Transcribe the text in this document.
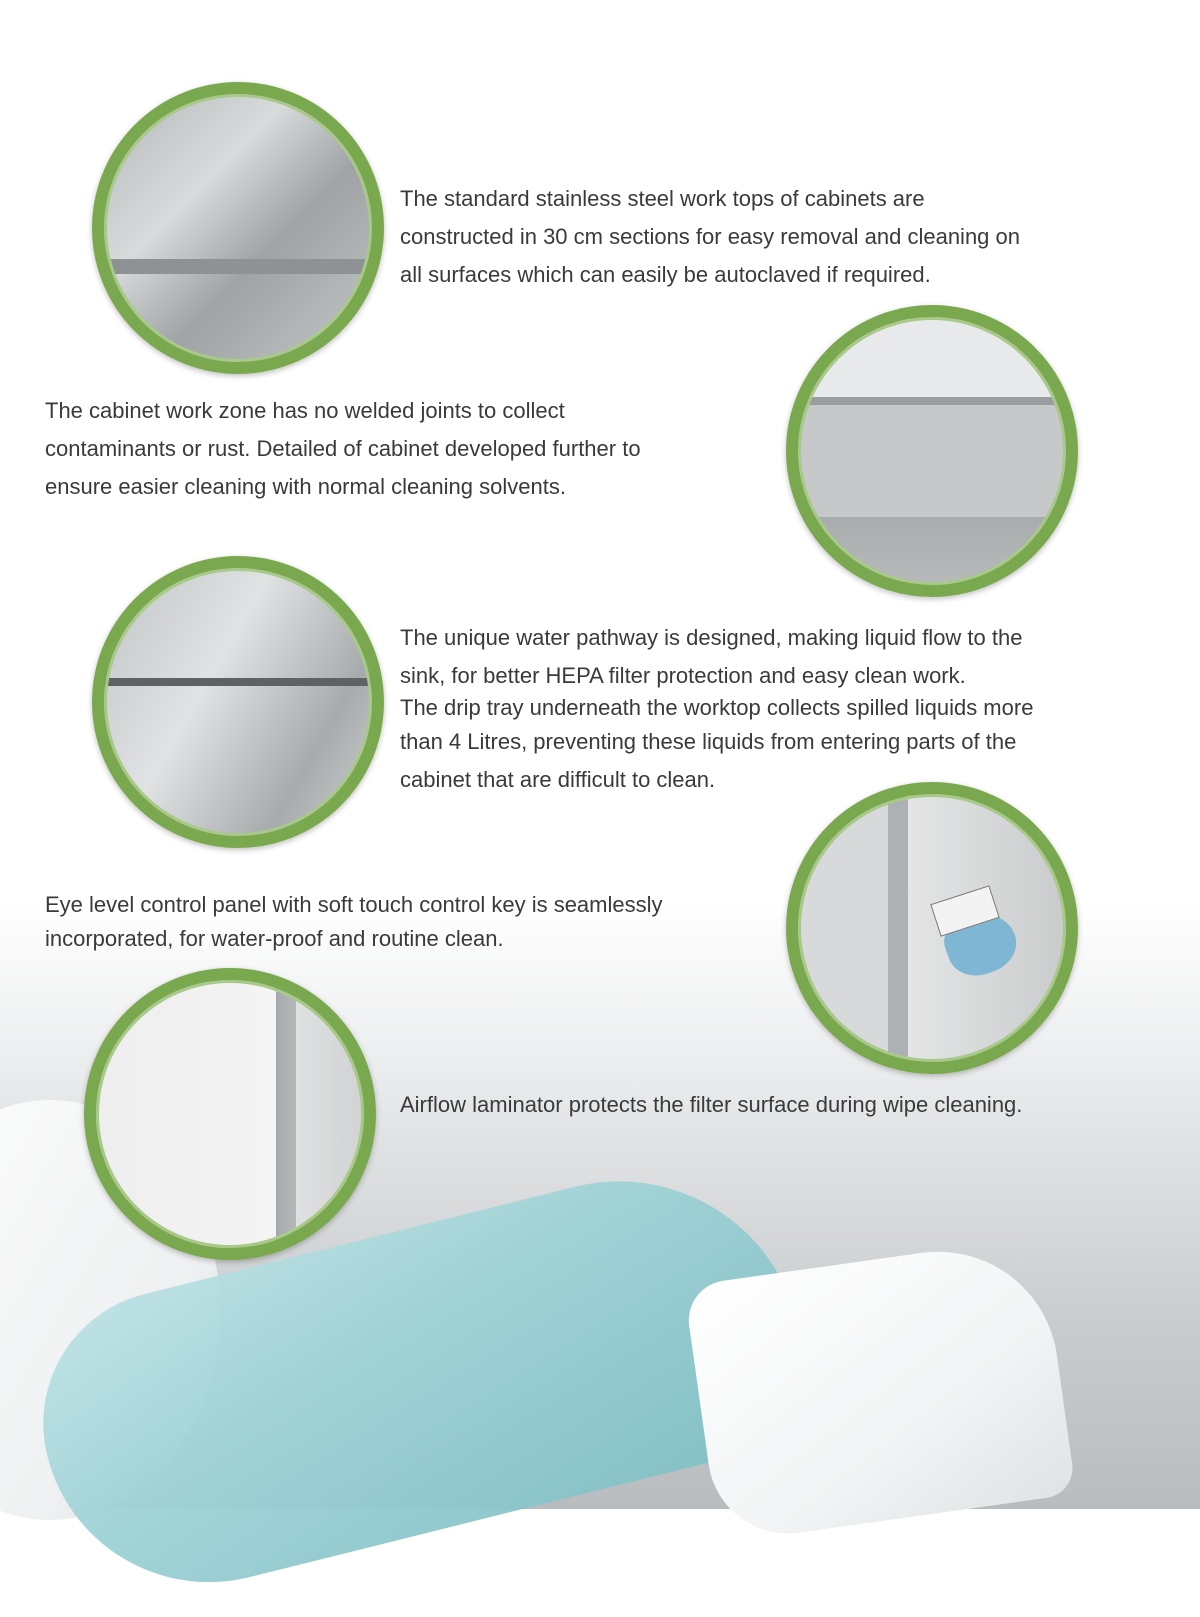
The standard stainless steel work tops of cabinets are
constructed in 30 cm sections for easy removal and cleaning on
all surfaces which can easily be autoclaved if required.

The cabinet work zone has no welded joints to collect
contaminants or rust. Detailed of cabinet developed further to
ensure easier cleaning with normal cleaning solvents.

The unique water pathway is designed, making liquid flow to the
sink, for better HEPA filter protection and easy clean work.
The drip tray underneath the worktop collects spilled liquids more
than 4 Litres, preventing these liquids from entering parts of the
cabinet that are difficult to clean.

Eye level control panel with soft touch control key is seamlessly
incorporated, for water-proof and routine clean.

Airflow laminator protects the filter surface during wipe cleaning.
